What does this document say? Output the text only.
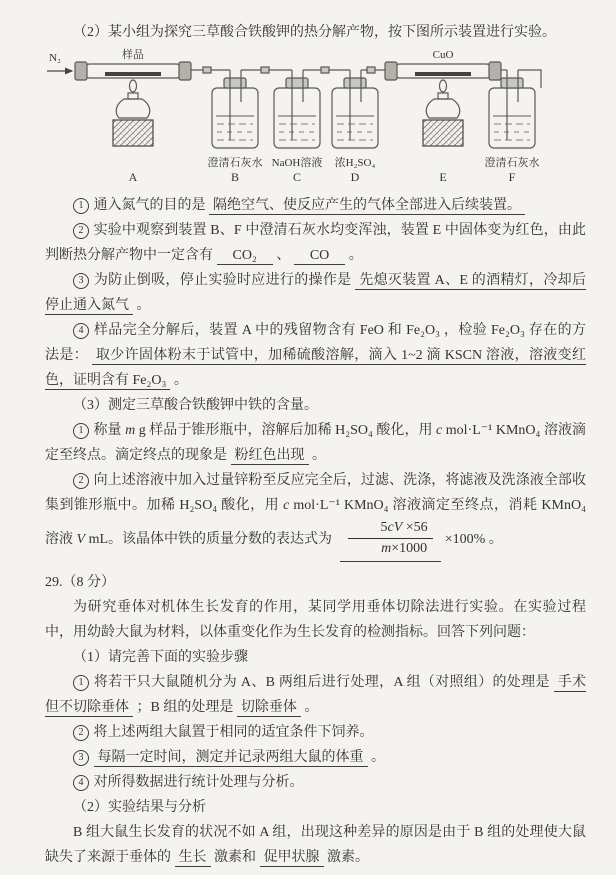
（2）某小组为探究三草酸合铁酸钾的热分解产物，按下图所示装置进行实验。

N₂	样品	CuO
澄清石灰水 NaOH溶液 浓H₂SO₄	澄清石灰水
A	B	C	D	E	F

1 通入氮气的目的是 隔绝空气、使反应产生的气体全部进入后续装置。

2 实验中观察到装置 B、F 中澄清石灰水均变浑浊，装置 E 中固体变为红色，由此判断热分解产物中一定含有 CO₂ 、 CO 。

3 为防止倒吸，停止实验时应进行的操作是 先熄灭装置 A、E 的酒精灯，冷却后停止通入氮气 。

4 样品完全分解后，装置 A 中的残留物含有 FeO 和 Fe₂O₃ ，检验 Fe₂O₃ 存在的方法是： 取少许固体粉末于试管中，加稀硫酸溶解，滴入 1~2 滴 KSCN 溶液，溶液变红色，证明含有 Fe₂O₃ 。

（3）测定三草酸合铁酸钾中铁的含量。

1 称量 m g 样品于锥形瓶中，溶解后加稀 H₂SO₄ 酸化，用 c mol·L⁻¹ KMnO₄ 溶液滴定至终点。滴定终点的现象是 粉红色出现 。

2 向上述溶液中加入过量锌粉至反应完全后，过滤、洗涤，将滤液及洗涤液全部收集到锥形瓶中。加稀 H₂SO₄ 酸化，用 c mol·L⁻¹ KMnO₄ 溶液滴定至终点，消耗 KMnO₄ 溶液 V mL。该晶体中铁的质量分数的表达式为 $\frac{5cV \times 56}{m\times 1000} \times 100\%$ 。

29.（8 分）

为研究垂体对机体生长发育的作用，某同学用垂体切除法进行实验。在实验过程中，用幼龄大鼠为材料，以体重变化作为生长发育的检测指标。回答下列问题：

（1）请完善下面的实验步骤

1 将若干只大鼠随机分为 A、B 两组后进行处理，A 组（对照组）的处理是 手术但不切除垂体 ；B 组的处理是 切除垂体 。

2 将上述两组大鼠置于相同的适宜条件下饲养。

3 每隔一定时间，测定并记录两组大鼠的体重 。

4 对所得数据进行统计处理与分析。

（2）实验结果与分析

B 组大鼠生长发育的状况不如 A 组，出现这种差异的原因是由于 B 组的处理使大鼠缺失了来源于垂体的 生长 激素和 促甲状腺 激素。
